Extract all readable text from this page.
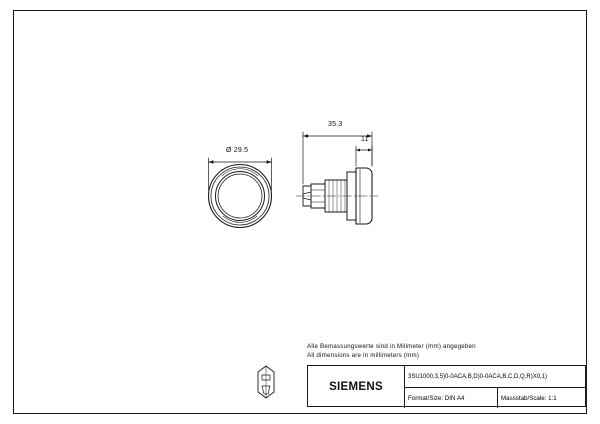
Ø 29.5
35.3
11
Alle Bemassungswerte sind in Milimeter (mm) angegeben
All dimensions are in millimeters (mm)
SIEMENS
3SU1000,3,5)0-0ACA,B,D)0-0ACA,B,C,D,Q,R)X0,1)
Format/Size: DIN A4	Massstab/Scale: 1:1
